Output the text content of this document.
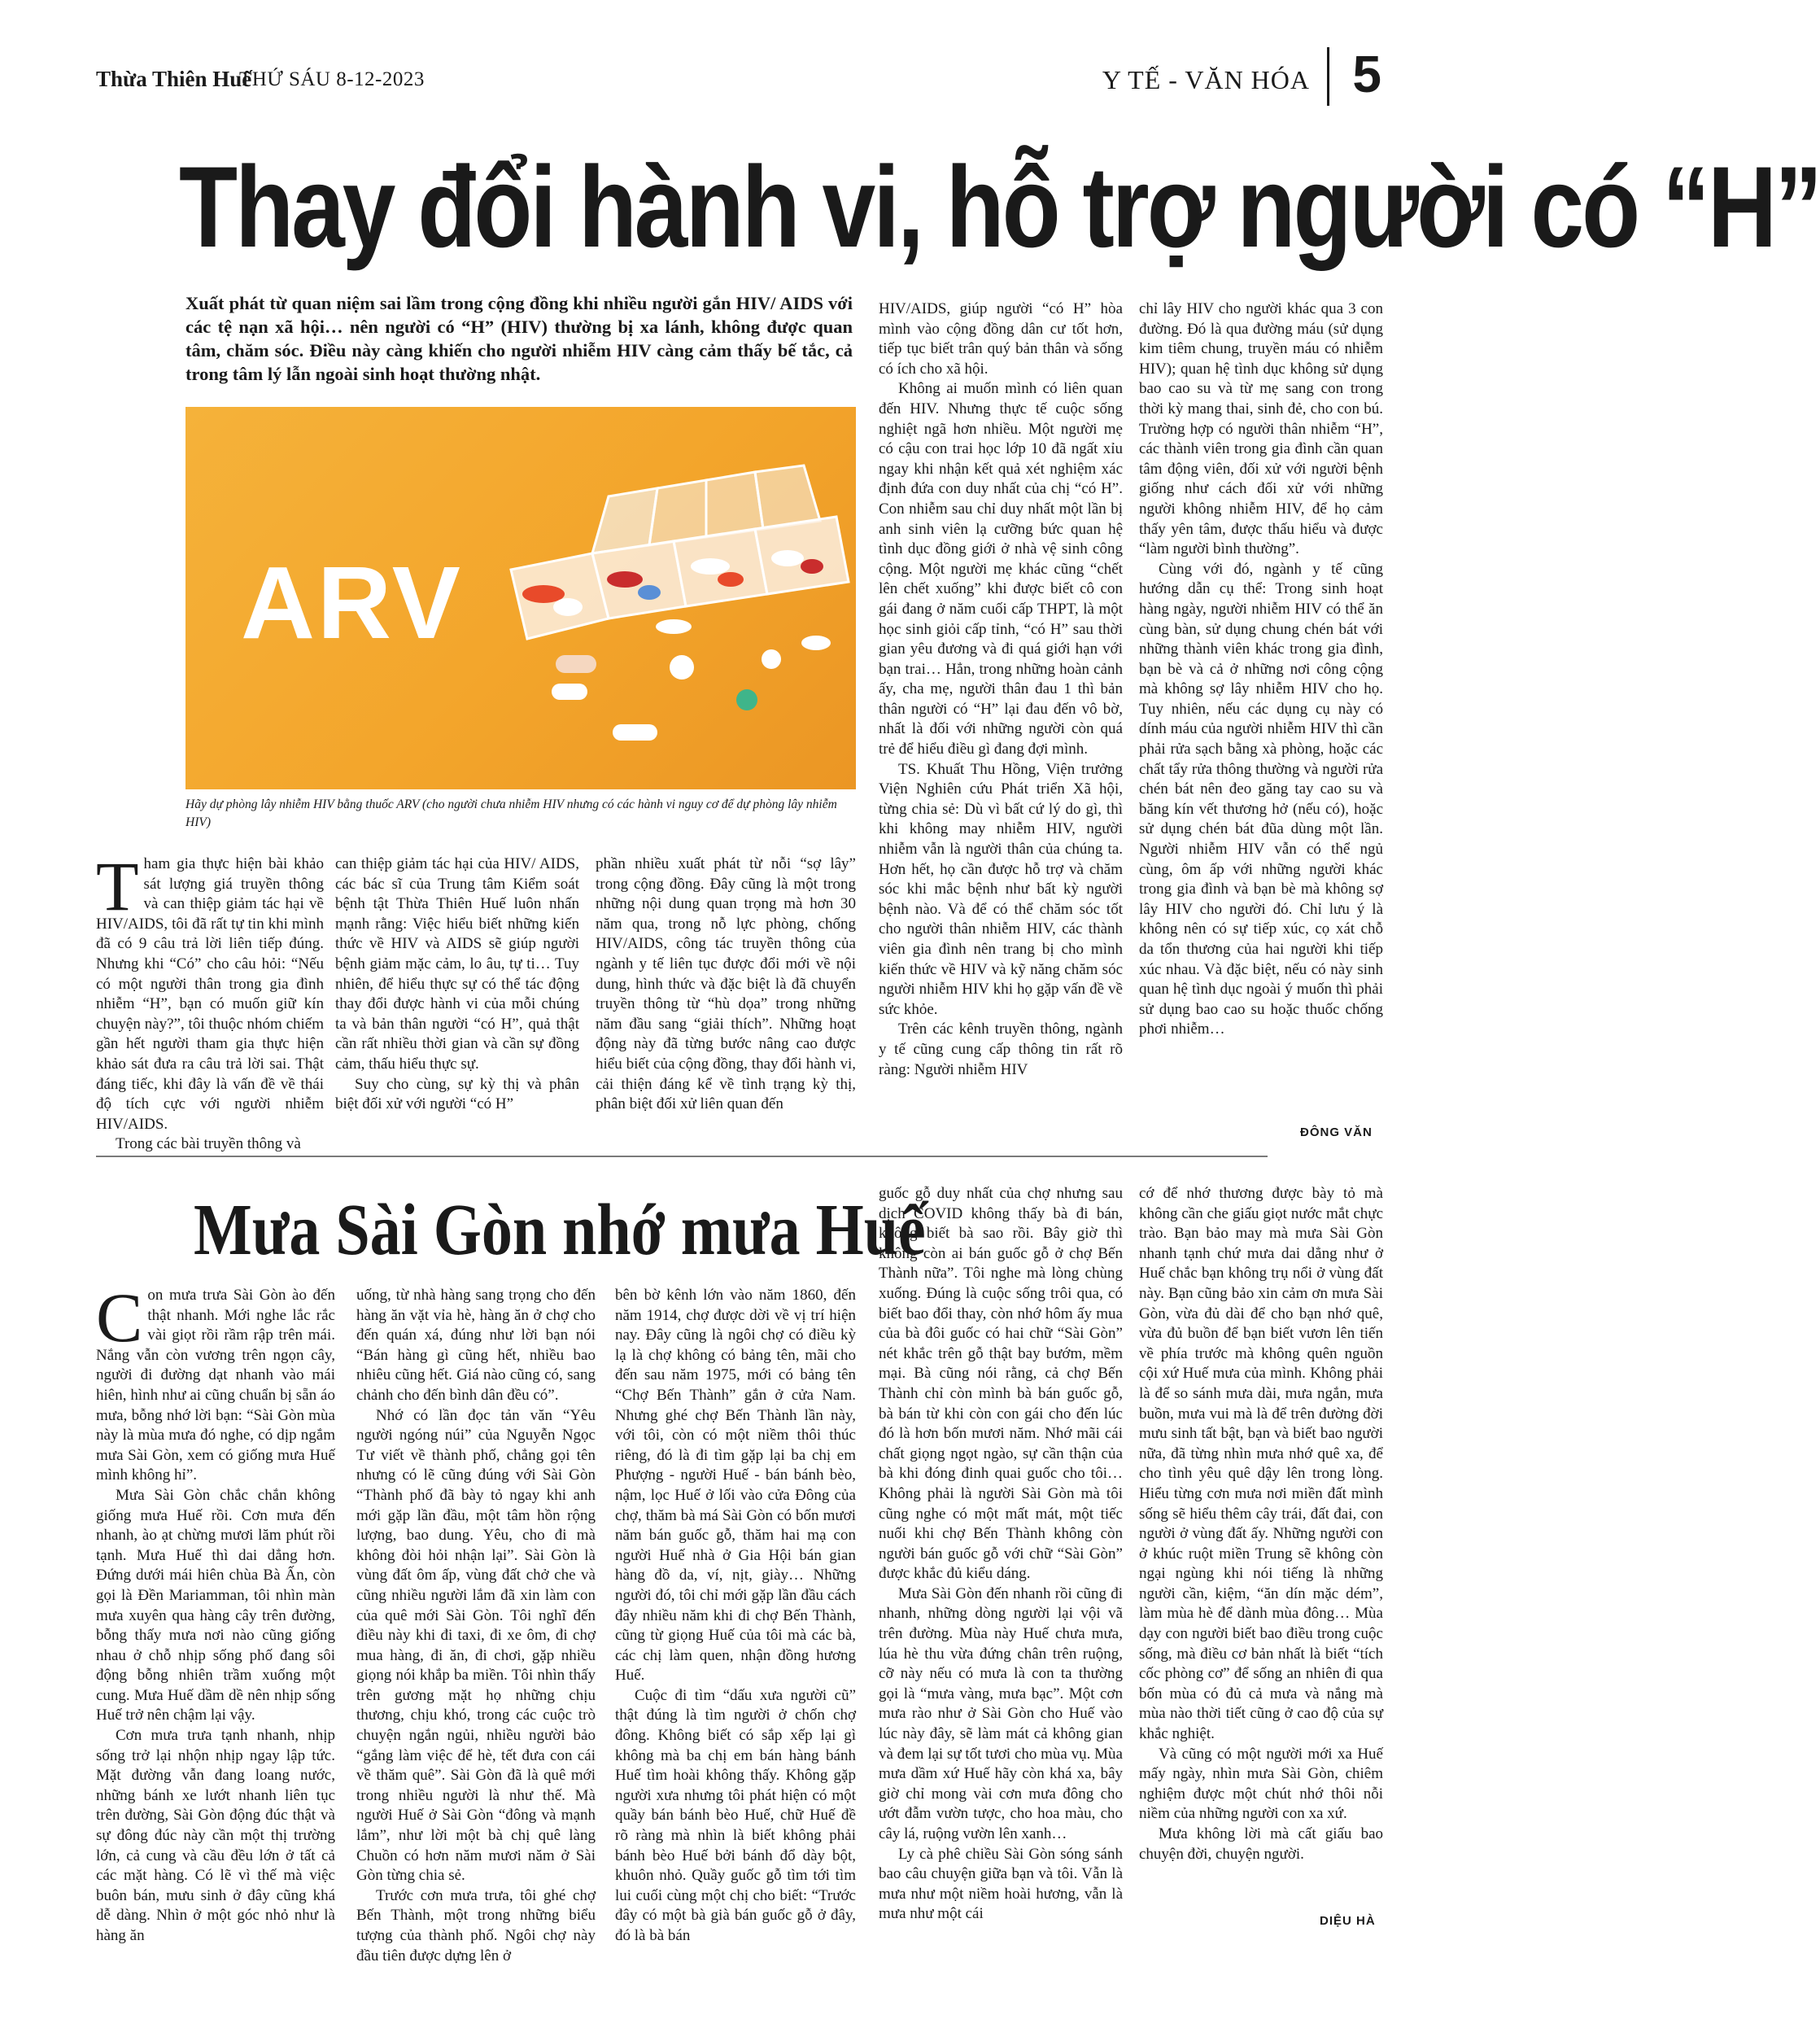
Thừa Thiên Huế
THỨ SÁU 8-12-2023	Y TẾ - VĂN HÓA 5
Thay đổi hành vi, hỗ trợ người có “H”

Xuất phát từ quan niệm sai lầm trong cộng đồng khi nhiều người gắn HIV/ AIDS với các tệ nạn xã hội… nên người có “H” (HIV) thường bị xa lánh, không được quan tâm, chăm sóc. Điều này càng khiến cho người nhiễm HIV càng cảm thấy bế tắc, cả trong tâm lý lẫn ngoài sinh hoạt thường nhật.

ARV

Hãy dự phòng lây nhiễm HIV bằng thuốc ARV (cho người chưa nhiễm HIV nhưng có các hành vi nguy cơ để dự phòng lây nhiễm HIV)

Tham gia thực hiện bài khảo sát lượng giá truyền thông và can thiệp giảm tác hại về HIV/AIDS, tôi đã rất tự tin khi mình đã có 9 câu trả lời liên tiếp đúng. Nhưng khi “Có” cho câu hỏi: “Nếu có một người thân trong gia đình nhiễm “H”, bạn có muốn giữ kín chuyện này?”, tôi thuộc nhóm chiếm gần hết người tham gia thực hiện khảo sát đưa ra câu trả lời sai. Thật đáng tiếc, khi đây là vấn đề về thái độ tích cực với người nhiễm HIV/AIDS.

Trong các bài truyền thông và

can thiệp giảm tác hại của HIV/ AIDS, các bác sĩ của Trung tâm Kiểm soát bệnh tật Thừa Thiên Huế luôn nhấn mạnh rằng: Việc hiểu biết những kiến thức về HIV và AIDS sẽ giúp người bệnh giảm mặc cảm, lo âu, tự ti… Tuy nhiên, để hiểu thực sự có thể tác động thay đổi được hành vi của mỗi chúng ta và bản thân người “có H”, quả thật cần rất nhiều thời gian và cần sự đồng cảm, thấu hiểu thực sự.

Suy cho cùng, sự kỳ thị và phân biệt đối xử với người “có H”

phần nhiều xuất phát từ nỗi “sợ lây” trong cộng đồng. Đây cũng là một trong những nội dung quan trọng mà hơn 30 năm qua, trong nỗ lực phòng, chống HIV/AIDS, công tác truyền thông của ngành y tế liên tục được đổi mới về nội dung, hình thức và đặc biệt là đã chuyển truyền thông từ “hù dọa” trong những năm đầu sang “giải thích”. Những hoạt động này đã từng bước nâng cao được hiểu biết của cộng đồng, thay đổi hành vi, cải thiện đáng kể về tình trạng kỳ thị, phân biệt đối xử liên quan đến

HIV/AIDS, giúp người “có H” hòa mình vào cộng đồng dân cư tốt hơn, tiếp tục biết trân quý bản thân và sống có ích cho xã hội.

Không ai muốn mình có liên quan đến HIV. Nhưng thực tế cuộc sống nghiệt ngã hơn nhiều. Một người mẹ có cậu con trai học lớp 10 đã ngất xỉu ngay khi nhận kết quả xét nghiệm xác định đứa con duy nhất của chị “có H”. Con nhiễm sau chỉ duy nhất một lần bị anh sinh viên lạ cưỡng bức quan hệ tình dục đồng giới ở nhà vệ sinh công cộng. Một người mẹ khác cũng “chết lên chết xuống” khi được biết cô con gái đang ở năm cuối cấp THPT, là một học sinh giỏi cấp tỉnh, “có H” sau thời gian yêu đương và đi quá giới hạn với bạn trai… Hẳn, trong những hoàn cảnh ấy, cha mẹ, người thân đau 1 thì bản thân người có “H” lại đau đến vô bờ, nhất là đối với những người còn quá trẻ để hiểu điều gì đang đợi mình.

TS. Khuất Thu Hồng, Viện trưởng Viện Nghiên cứu Phát triển Xã hội, từng chia sẻ: Dù vì bất cứ lý do gì, thì khi không may nhiễm HIV, người nhiễm vẫn là người thân của chúng ta. Hơn hết, họ cần được hỗ trợ và chăm sóc khi mắc bệnh như bất kỳ người bệnh nào. Và để có thể chăm sóc tốt cho người thân nhiễm HIV, các thành viên gia đình nên trang bị cho mình kiến thức về HIV và kỹ năng chăm sóc người nhiễm HIV khi họ gặp vấn đề về sức khỏe.

Trên các kênh truyền thông, ngành y tế cũng cung cấp thông tin rất rõ ràng: Người nhiễm HIV

chỉ lây HIV cho người khác qua 3 con đường. Đó là qua đường máu (sử dụng kim tiêm chung, truyền máu có nhiễm HIV); quan hệ tình dục không sử dụng bao cao su và từ mẹ sang con trong thời kỳ mang thai, sinh đẻ, cho con bú. Trường hợp có người thân nhiễm “H”, các thành viên trong gia đình cần quan tâm động viên, đối xử với người bệnh giống như cách đối xử với những người không nhiễm HIV, để họ cảm thấy yên tâm, được thấu hiểu và được “làm người bình thường”.

Cùng với đó, ngành y tế cũng hướng dẫn cụ thể: Trong sinh hoạt hàng ngày, người nhiễm HIV có thể ăn cùng bàn, sử dụng chung chén bát với những thành viên khác trong gia đình, bạn bè và cả ở những nơi công cộng mà không sợ lây nhiễm HIV cho họ. Tuy nhiên, nếu các dụng cụ này có dính máu của người nhiễm HIV thì cần phải rửa sạch bằng xà phòng, hoặc các chất tẩy rửa thông thường và người rửa chén bát nên đeo găng tay cao su và băng kín vết thương hở (nếu có), hoặc sử dụng chén bát đũa dùng một lần. Người nhiễm HIV vẫn có thể ngủ cùng, ôm ấp với những người khác trong gia đình và bạn bè mà không sợ lây HIV cho người đó. Chỉ lưu ý là không nên có sự tiếp xúc, cọ xát chỗ da tổn thương của hai người khi tiếp xúc nhau. Và đặc biệt, nếu có này sinh quan hệ tình dục ngoài ý muốn thì phải sử dụng bao cao su hoặc thuốc chống phơi nhiễm…

ĐÔNG VĂN
Mưa Sài Gòn nhớ mưa Huế

Con mưa trưa Sài Gòn ào đến thật nhanh. Mới nghe lắc rắc vài giọt rồi rầm rập trên mái. Nắng vẫn còn vương trên ngọn cây, người đi đường dạt nhanh vào mái hiên, hình như ai cũng chuẩn bị sẵn áo mưa, bỗng nhớ lời bạn: “Sài Gòn mùa này là mùa mưa đó nghe, có dịp ngắm mưa Sài Gòn, xem có giống mưa Huế mình không hỉ”.

Mưa Sài Gòn chắc chắn không giống mưa Huế rồi. Cơn mưa đến nhanh, ào ạt chừng mươi lăm phút rồi tạnh. Mưa Huế thì dai dẳng hơn. Đứng dưới mái hiên chùa Bà Ấn, còn gọi là Đền Mariamman, tôi nhìn màn mưa xuyên qua hàng cây trên đường, bỗng thấy mưa nơi nào cũng giống nhau ở chỗ nhịp sống phố đang sôi động bỗng nhiên trầm xuống một cung. Mưa Huế dầm dề nên nhịp sống Huế trở nên chậm lại vậy.

Cơn mưa trưa tạnh nhanh, nhịp sống trở lại nhộn nhịp ngay lập tức. Mặt đường vẫn đang loang nước, những bánh xe lướt nhanh liên tục trên đường, Sài Gòn động đúc thật và sự đông đúc này cần một thị trường lớn, cả cung và cầu đều lớn ở tất cả các mặt hàng. Có lẽ vì thế mà việc buôn bán, mưu sinh ở đây cũng khá dễ dàng. Nhìn ở một góc nhỏ như là hàng ăn

uống, từ nhà hàng sang trọng cho đến hàng ăn vặt vỉa hè, hàng ăn ở chợ cho đến quán xá, đúng như lời bạn nói “Bán hàng gì cũng hết, nhiều bao nhiêu cũng hết. Giá nào cũng có, sang chảnh cho đến bình dân đều có”.

Nhớ có lần đọc tản văn “Yêu người ngóng núi” của Nguyễn Ngọc Tư viết về thành phố, chẳng gọi tên nhưng có lẽ cũng đúng với Sài Gòn “Thành phố đã bày tỏ ngay khi anh mới gặp lần đầu, một tâm hồn rộng lượng, bao dung. Yêu, cho đi mà không đòi hỏi nhận lại”. Sài Gòn là vùng đất ôm ấp, vùng đất chở che và cũng nhiều người lắm đã xin làm con của quê mới Sài Gòn. Tôi nghĩ đến điều này khi đi taxi, đi xe ôm, đi chợ mua hàng, đi ăn, đi chơi, gặp nhiều giọng nói khắp ba miền. Tôi nhìn thấy trên gương mặt họ những chịu thương, chịu khó, trong các cuộc trò chuyện ngắn ngủi, nhiều người bảo “gắng làm việc để hè, tết đưa con cái về thăm quê”. Sài Gòn đã là quê mới trong nhiều người là như thế. Mà người Huế ở Sài Gòn “đông và mạnh lắm”, như lời một bà chị quê làng Chuồn có hơn năm mươi năm ở Sài Gòn từng chia sẻ.

Trước cơn mưa trưa, tôi ghé chợ Bến Thành, một trong những biểu tượng của thành phố. Ngôi chợ này đầu tiên được dựng lên ở

bên bờ kênh lớn vào năm 1860, đến năm 1914, chợ được dời về vị trí hiện nay. Đây cũng là ngôi chợ có điều kỳ lạ là chợ không có bảng tên, mãi cho đến sau năm 1975, mới có bảng tên “Chợ Bến Thành” gắn ở cửa Nam. Nhưng ghé chợ Bến Thành lần này, với tôi, còn có một niềm thôi thúc riêng, đó là đi tìm gặp lại ba chị em Phượng - người Huế - bán bánh bèo, nậm, lọc Huế ở lối vào cửa Đông của chợ, thăm bà má Sài Gòn có bốn mươi năm bán guốc gỗ, thăm hai mạ con người Huế nhà ở Gia Hội bán gian hàng đồ da, ví, nịt, giày… Những người đó, tôi chỉ mới gặp lần đầu cách đây nhiều năm khi đi chợ Bến Thành, cũng từ giọng Huế của tôi mà các bà, các chị làm quen, nhận đồng hương Huế.

Cuộc đi tìm “dấu xưa người cũ” thật đúng là tìm người ở chốn chợ đông. Không biết có sắp xếp lại gì không mà ba chị em bán hàng bánh Huế tìm hoài không thấy. Không gặp người xưa nhưng tôi phát hiện có một quầy bán bánh bèo Huế, chữ Huế đề rõ ràng mà nhìn là biết không phải bánh bèo Huế bởi bánh đổ dày bột, khuôn nhỏ. Quầy guốc gỗ tìm tới tìm lui cuối cùng một chị cho biết: “Trước đây có một bà già bán guốc gỗ ở đây, đó là bà bán

guốc gỗ duy nhất của chợ nhưng sau dịch COVID không thấy bà đi bán, không biết bà sao rồi. Bây giờ thì không còn ai bán guốc gỗ ở chợ Bến Thành nữa”. Tôi nghe mà lòng chùng xuống. Đúng là cuộc sống trôi qua, có biết bao đổi thay, còn nhớ hôm ấy mua của bà đôi guốc có hai chữ “Sài Gòn” nét khắc trên gỗ thật bay bướm, mềm mại. Bà cũng nói rằng, cả chợ Bến Thành chỉ còn mình bà bán guốc gỗ, bà bán từ khi còn con gái cho đến lúc đó là hơn bốn mươi năm. Nhớ mãi cái chất giọng ngọt ngào, sự cần thận của bà khi đóng đinh quai guốc cho tôi… Không phải là người Sài Gòn mà tôi cũng nghe có một mất mát, một tiếc nuối khi chợ Bến Thành không còn người bán guốc gỗ với chữ “Sài Gòn” được khắc đủ kiểu dáng.

Mưa Sài Gòn đến nhanh rồi cũng đi nhanh, những dòng người lại vội vã trên đường. Mùa này Huế chưa mưa, lúa hè thu vừa đứng chân trên ruộng, cỡ này nếu có mưa là con ta thường gọi là “mưa vàng, mưa bạc”. Một cơn mưa rào như ở Sài Gòn cho Huế vào lúc này đây, sẽ làm mát cả không gian và đem lại sự tốt tươi cho mùa vụ. Mùa mưa dầm xứ Huế hãy còn khá xa, bây giờ chỉ mong vài cơn mưa đông cho ướt đẫm vườn tược, cho hoa màu, cho cây lá, ruộng vườn lên xanh…

Ly cà phê chiều Sài Gòn sóng sánh bao câu chuyện giữa bạn và tôi. Vẫn là mưa như một niềm hoài hương, vẫn là mưa như một cái

cớ để nhớ thương được bày tỏ mà không cần che giấu giọt nước mắt chực trào. Bạn bảo may mà mưa Sài Gòn nhanh tạnh chứ mưa dai dẳng như ở Huế chắc bạn không trụ nổi ở vùng đất này. Bạn cũng bảo xin cảm ơn mưa Sài Gòn, vừa đủ dài để cho bạn nhớ quê, vừa đủ buồn để bạn biết vươn lên tiến về phía trước mà không quên nguồn cội xứ Huế mưa của mình. Không phải là để so sánh mưa dài, mưa ngắn, mưa buồn, mưa vui mà là để trên đường đời mưu sinh tất bật, bạn và biết bao người nữa, đã từng nhìn mưa nhớ quê xa, để cho tình yêu quê dậy lên trong lòng. Hiểu từng cơn mưa nơi miền đất mình sống sẽ hiểu thêm cây trái, đất đai, con người ở vùng đất ấy. Những người con ở khúc ruột miền Trung sẽ không còn ngại ngùng khi nói tiếng là những người cần, kiệm, “ăn dín mặc dém”, làm mùa hè để dành mùa đông… Mùa dạy con người biết bao điều trong cuộc sống, mà điều cơ bản nhất là biết “tích cốc phòng cơ” để sống an nhiên đi qua bốn mùa có đủ cả mưa và nắng mà mùa nào thời tiết cũng ở cao độ của sự khắc nghiệt.

Và cũng có một người mới xa Huế mấy ngày, nhìn mưa Sài Gòn, chiêm nghiệm được một chút nhớ thôi nỗi niềm của những người con xa xứ.

Mưa không lời mà cất giấu bao chuyện đời, chuyện người.

DIỆU HÀ
